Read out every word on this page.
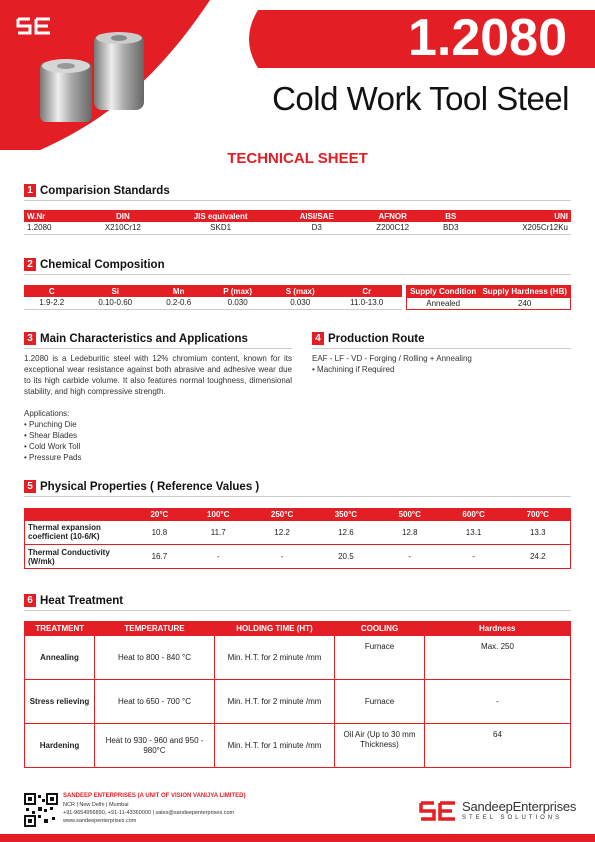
1.2080
Cold Work Tool Steel
TECHNICAL SHEET
1 Comparision Standards
W.Nr	DIN	JIS equivalent	AISI/SAE	AFNOR	BS	UNI
1.2080	X210Cr12	SKD1	D3	Z200C12	BD3	X205Cr12Ku
2 Chemical Composition
C	Si	Mn	P (max)	S (max)	Cr
1.9-2.2	0.10-0.60	0.2-0.6	0.030	0.030	11.0-13.0
Supply Condition	Supply Hardness (HB)
Annealed	240
3 Main Characteristics and Applications
1.2080 is a Ledeburitic steel with 12% chromium content, known for its exceptional wear resistance against both abrasive and adhesive wear due to its high carbide volume. It also features normal toughness, dimensional stability, and high compressive strength.
Applications:
• Punching Die
• Shear Blades
• Cold Work Toll
• Pressure Pads
4 Production Route
EAF - LF - VD - Forging / Rolling + Annealing
• Machining if Required
5 Physical Properties ( Reference Values )
	20°C	100°C	250°C	350°C	500°C	600°C	700°C
Thermal expansion coefficient (10-6/K)	10.8	11.7	12.2	12.6	12.8	13.1	13.3
Thermal Conductivity (W/mk)	16.7	-	-	20.5	-	-	24.2
6 Heat Treatment
TREATMENT	TEMPERATURE	HOLDING TIME (HT)	COOLING	Hardness
Annealing	Heat to 800 - 840 °C	Min. H.T. for 2 minute /mm	Furnace	Max. 250
Stress relieving	Heat to 650 - 700 °C	Min. H.T. for 2 minute /mm	Furnace	-
Hardening	Heat to 930 - 960 and 950 - 980°C	Min. H.T. for 1 minute /mm	Oil Air (Up to 30 mm Thickness)	64
SANDEEP ENTERPRISES (A UNIT OF VISION VANIJYA LIMITED)
NCR | New Delhi | Mumbai
+91-9654956890, +91-11-43360000 | sales@sandeepenterprises.com
www.sandeepenterprises.com
SandeepEnterprises
STEEL SOLUTIONS
